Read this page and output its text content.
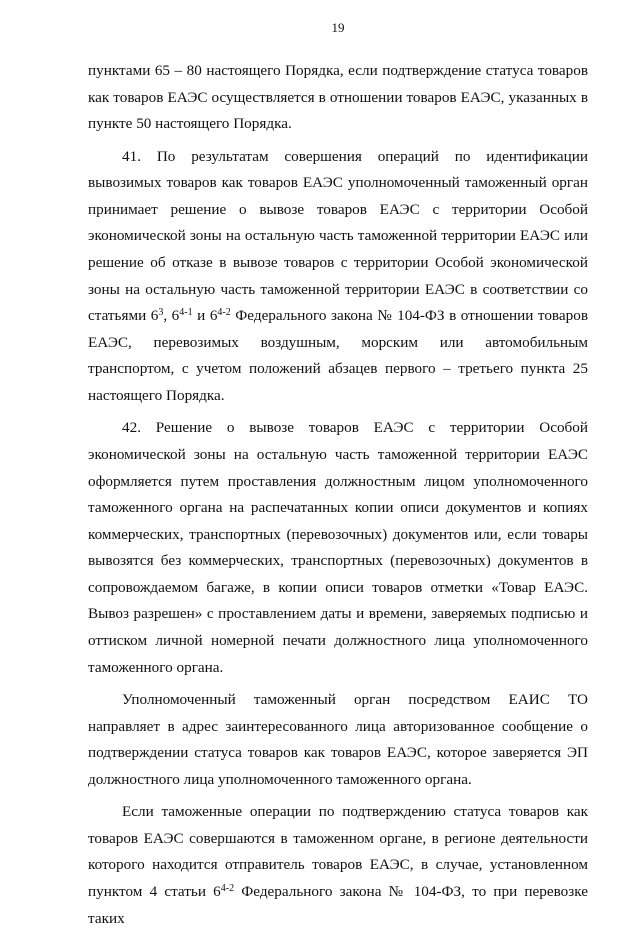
19

пунктами 65 – 80 настоящего Порядка, если подтверждение статуса товаров как товаров ЕАЭС осуществляется в отношении товаров ЕАЭС, указанных в пункте 50 настоящего Порядка.

41. По результатам совершения операций по идентификации вывозимых товаров как товаров ЕАЭС уполномоченный таможенный орган принимает решение о вывозе товаров ЕАЭС с территории Особой экономической зоны на остальную часть таможенной территории ЕАЭС или решение об отказе в вывозе товаров с территории Особой экономической зоны на остальную часть таможенной территории ЕАЭС в соответствии со статьями $6^3$, 6$^{4-1}$ и 6$^{4-2}$ Федерального закона № 104-ФЗ в отношении товаров ЕАЭС, перевозимых воздушным, морским или автомобильным транспортом, с учетом положений абзацев первого – третьего пункта 25 настоящего Порядка.

42. Решение о вывозе товаров ЕАЭС с территории Особой экономической зоны на остальную часть таможенной территории ЕАЭС оформляется путем проставления должностным лицом уполномоченного таможенного органа на распечатанных копии описи документов и копиях коммерческих, транспортных (перевозочных) документов или, если товары вывозятся без коммерческих, транспортных (перевозочных) документов в сопровождаемом багаже, в копии описи товаров отметки «Товар ЕАЭС. Вывоз разрешен» с проставлением даты и времени, заверяемых подписью и оттиском личной номерной печати должностного лица уполномоченного таможенного органа.

Уполномоченный таможенный орган посредством ЕАИС ТО направляет в адрес заинтересованного лица авторизованное сообщение о подтверждении статуса товаров как товаров ЕАЭС, которое заверяется ЭП должностного лица уполномоченного таможенного органа.

Если таможенные операции по подтверждению статуса товаров как товаров ЕАЭС совершаются в таможенном органе, в регионе деятельности которого находится отправитель товаров ЕАЭС, в случае, установленном пунктом 4 статьи 6$^{4-2}$ Федерального закона № 104-ФЗ, то при перевозке таких
